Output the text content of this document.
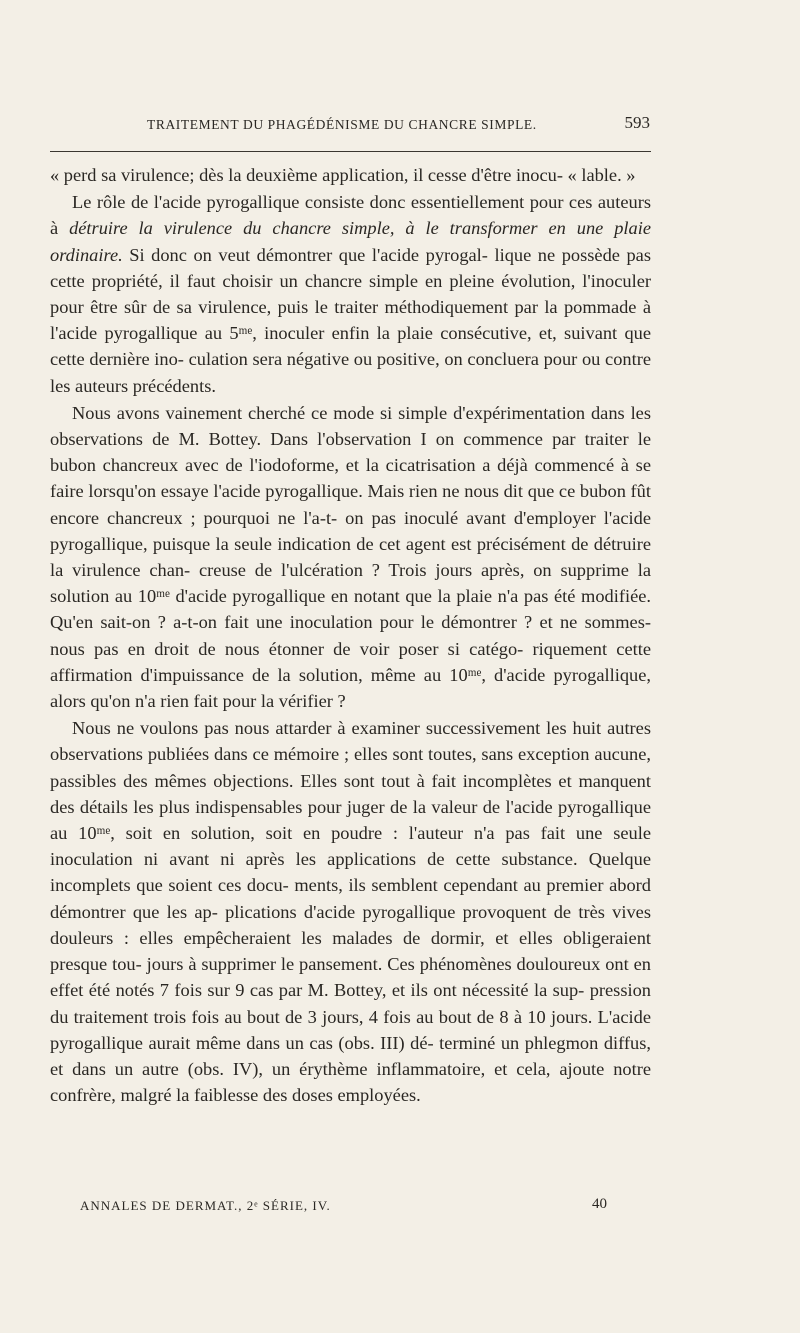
TRAITEMENT DU PHAGÉDÉNISME DU CHANCRE SIMPLE.	593

« perd sa virulence; dès la deuxième application, il cesse d'être inocu- « lable. »

Le rôle de l'acide pyrogallique consiste donc essentiellement pour ces auteurs à détruire la virulence du chancre simple, à le transformer en une plaie ordinaire. Si donc on veut démontrer que l'acide pyrogal- lique ne possède pas cette propriété, il faut choisir un chancre simple en pleine évolution, l'inoculer pour être sûr de sa virulence, puis le traiter méthodiquement par la pommade à l'acide pyrogallique au 5ᵐᵉ, inoculer enfin la plaie consécutive, et, suivant que cette dernière ino- culation sera négative ou positive, on concluera pour ou contre les auteurs précédents.

Nous avons vainement cherché ce mode si simple d'expérimentation dans les observations de M. Bottey. Dans l'observation I on commence par traiter le bubon chancreux avec de l'iodoforme, et la cicatrisation a déjà commencé à se faire lorsqu'on essaye l'acide pyrogallique. Mais rien ne nous dit que ce bubon fût encore chancreux ; pourquoi ne l'a-t- on pas inoculé avant d'employer l'acide pyrogallique, puisque la seule indication de cet agent est précisément de détruire la virulence chan- creuse de l'ulcération ? Trois jours après, on supprime la solution au 10ᵐᵉ d'acide pyrogallique en notant que la plaie n'a pas été modifiée. Qu'en sait-on ? a-t-on fait une inoculation pour le démontrer ? et ne sommes-nous pas en droit de nous étonner de voir poser si catégo- riquement cette affirmation d'impuissance de la solution, même au 10ᵐᵉ, d'acide pyrogallique, alors qu'on n'a rien fait pour la vérifier ?

Nous ne voulons pas nous attarder à examiner successivement les huit autres observations publiées dans ce mémoire ; elles sont toutes, sans exception aucune, passibles des mêmes objections. Elles sont tout à fait incomplètes et manquent des détails les plus indispensables pour juger de la valeur de l'acide pyrogallique au 10ᵐᵉ, soit en solution, soit en poudre : l'auteur n'a pas fait une seule inoculation ni avant ni après les applications de cette substance. Quelque incomplets que soient ces docu- ments, ils semblent cependant au premier abord démontrer que les ap- plications d'acide pyrogallique provoquent de très vives douleurs : elles empêcheraient les malades de dormir, et elles obligeraient presque tou- jours à supprimer le pansement. Ces phénomènes douloureux ont en effet été notés 7 fois sur 9 cas par M. Bottey, et ils ont nécessité la sup- pression du traitement trois fois au bout de 3 jours, 4 fois au bout de 8 à 10 jours. L'acide pyrogallique aurait même dans un cas (obs. III) dé- terminé un phlegmon diffus, et dans un autre (obs. IV), un érythème inflammatoire, et cela, ajoute notre confrère, malgré la faiblesse des doses employées.

ANNALES DE DERMAT., 2ᵉ SÉRIE, IV.	40
